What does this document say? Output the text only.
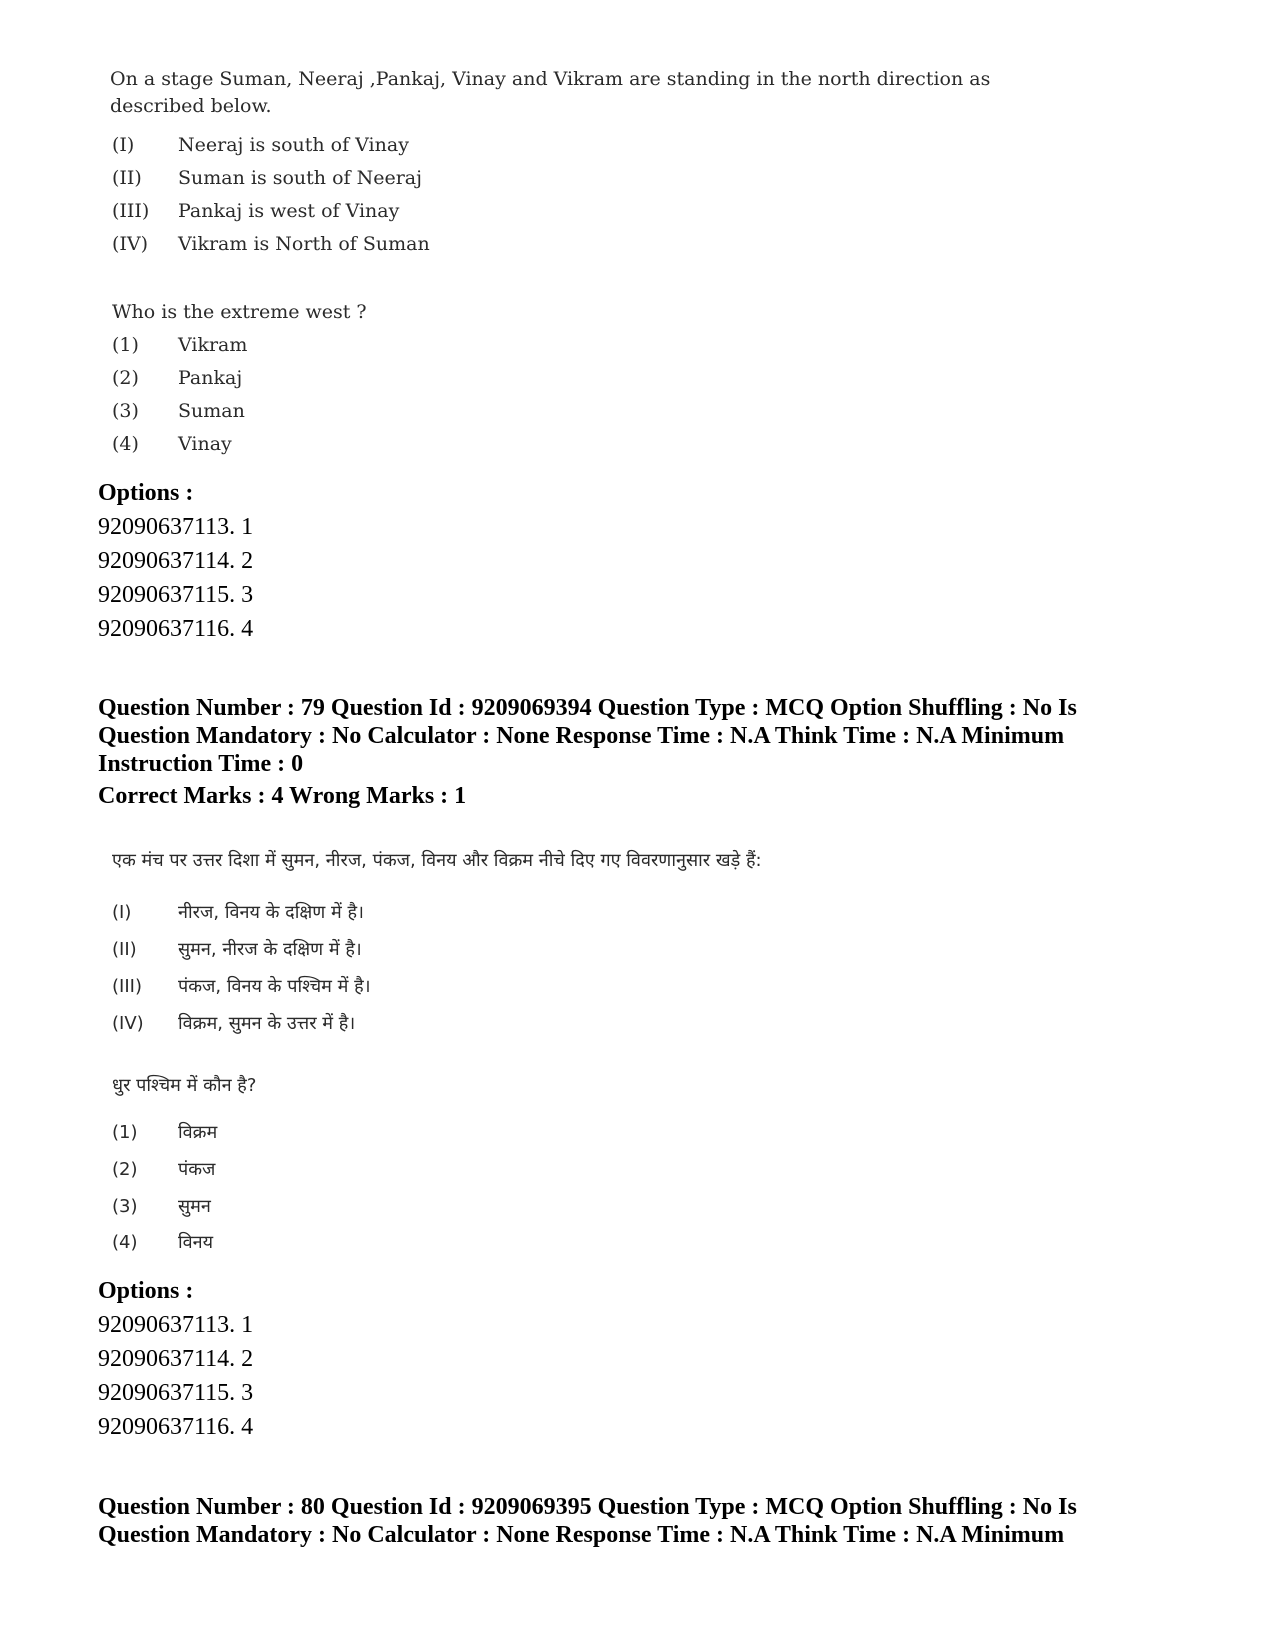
On a stage Suman, Neeraj ,Pankaj, Vinay and Vikram are standing in the north direction as

described below.

(I) Neeraj is south of Vinay
(II) Suman is south of Neeraj
(III) Pankaj is west of Vinay
(IV) Vikram is North of Suman
Who is the extreme west ?
(1) Vikram
(2) Pankaj
(3) Suman
(4) Vinay
Options :
92090637113. 1
92090637114. 2
92090637115. 3
92090637116. 4
Question Number : 79 Question Id : 9209069394 Question Type : MCQ Option Shuffling : No Is
Question Mandatory : No Calculator : None Response Time : N.A Think Time : N.A Minimum
Instruction Time : 0
Correct Marks : 4 Wrong Marks : 1
एक मंच पर उत्तर दिशा में सुमन, नीरज, पंकज, विनय और विक्रम नीचे दिए गए विवरणानुसार खड़े हैं:
(I)	नीरज, विनय के दक्षिण में है।
(II) सुमन, नीरज के दक्षिण में है।
(III) पंकज, विनय के पश्चिम में है।
(IV) विक्रम, सुमन के उत्तर में है।
धुर पश्चिम में कौन है?
(1) विक्रम
(2) पंकज
(3) सुमन
(4) विनय
Options :
92090637113. 1
92090637114. 2
92090637115. 3
92090637116. 4
Question Number : 80 Question Id : 9209069395 Question Type : MCQ Option Shuffling : No Is
Question Mandatory : No Calculator : None Response Time : N.A Think Time : N.A Minimum
